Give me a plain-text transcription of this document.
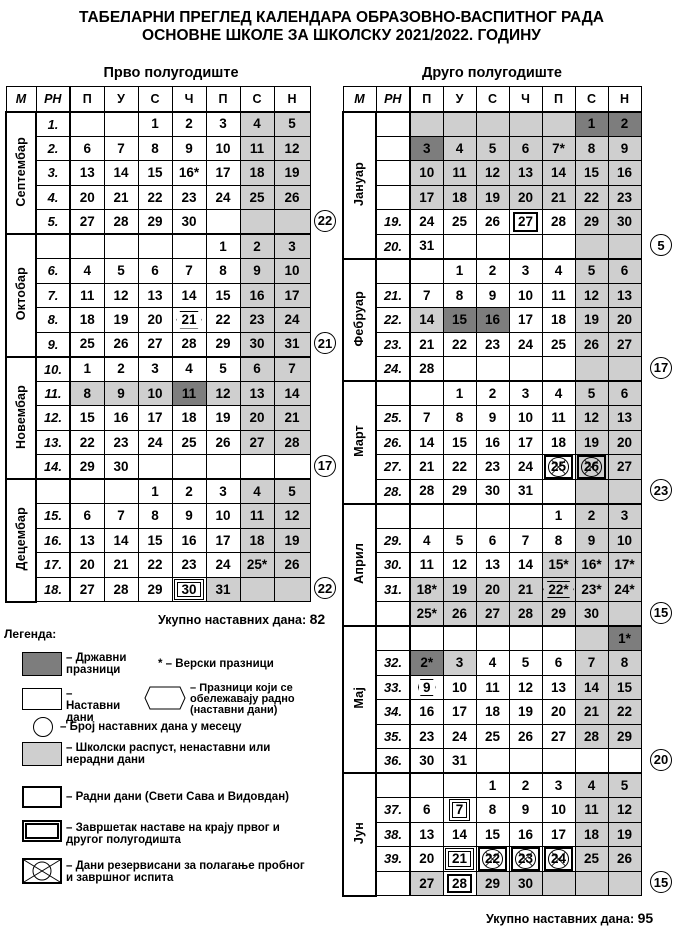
ТАБЕЛАРНИ ПРЕГЛЕД КАЛЕНДАРА ОБРАЗОВНО-ВАСПИТНОГ РАДА
ОСНОВНЕ ШКОЛЕ ЗА ШКОЛСКУ 2021/2022. ГОДИНУ
Прво полугодиште	Друго полугодиште
М	РН	П	У	С	Ч	П	С	Н
Септембар	1.			1	2	3	4	5
	2.	6	7	8	9	10	11	12
	3.	13	14	15	16*	17	18	19
	4.	20	21	22	23	24	25	26
	5.	27	28	29	30			
Октобар						1	2	3
	6.	4	5	6	7	8	9	10
	7.	11	12	13	14	15	16	17
	8.	18	19	20	21	22	23	24
	9.	25	26	27	28	29	30	31
Новембар	10.	1	2	3	4	5	6	7
	11.	8	9	10	11	12	13	14
	12.	15	16	17	18	19	20	21
	13.	22	23	24	25	26	27	28
	14.	29	30					
Децембар				1	2	3	4	5
	15.	6	7	8	9	10	11	12
	16.	13	14	15	16	17	18	19
	17.	20	21	22	23	24	25*	26
	18.	27	28	29	30	31		
М	РН	П	У	С	Ч	П	С	Н
Јануар							1	2
		3	4	5	6	7*	8	9
		10	11	12	13	14	15	16
		17	18	19	20	21	22	23
	19.	24	25	26	27	28	29	30
	20.	31						
Фебруар			1	2	3	4	5	6
	21.	7	8	9	10	11	12	13
	22.	14	15	16	17	18	19	20
	23.	21	22	23	24	25	26	27
	24.	28						
Март			1	2	3	4	5	6
	25.	7	8	9	10	11	12	13
	26.	14	15	16	17	18	19	20
	27.	21	22	23	24	25	26	27
	28.	28	29	30	31			
Април						1	2	3
	29.	4	5	6	7	8	9	10
	30.	11	12	13	14	15*	16*	17*
	31.	18*	19	20	21	22*	23*	24*
		25*	26	27	28	29	30	
Мај								1*
	32.	2*	3	4	5	6	7	8
	33.	9	10	11	12	13	14	15
	34.	16	17	18	19	20	21	22
	35.	23	24	25	26	27	28	29
	36.	30	31					
Јун				1	2	3	4	5
	37.	6	7	8	9	10	11	12
	38.	13	14	15	16	17	18	19
	39.	20	21	22	23	24	25	26
		27	28	29	30			
Укупно наставних дана: 82
Укупно наставних дана: 95
Легенда:
– Државни празници	* – Верски празници
– Наставни дани
– Празници који се обележавају радно (наставни дани)
– Број наставних дана у месецу
– Школски распуст, ненаставни или нерадни дани
– Радни дани (Свети Сава и Видовдан)
– Завршетак наставе на крају првог и другог полугодишта
– Дани резервисани за полагање пробног и завршног испита
22
21
17
22
5
17
23
15
20
15
